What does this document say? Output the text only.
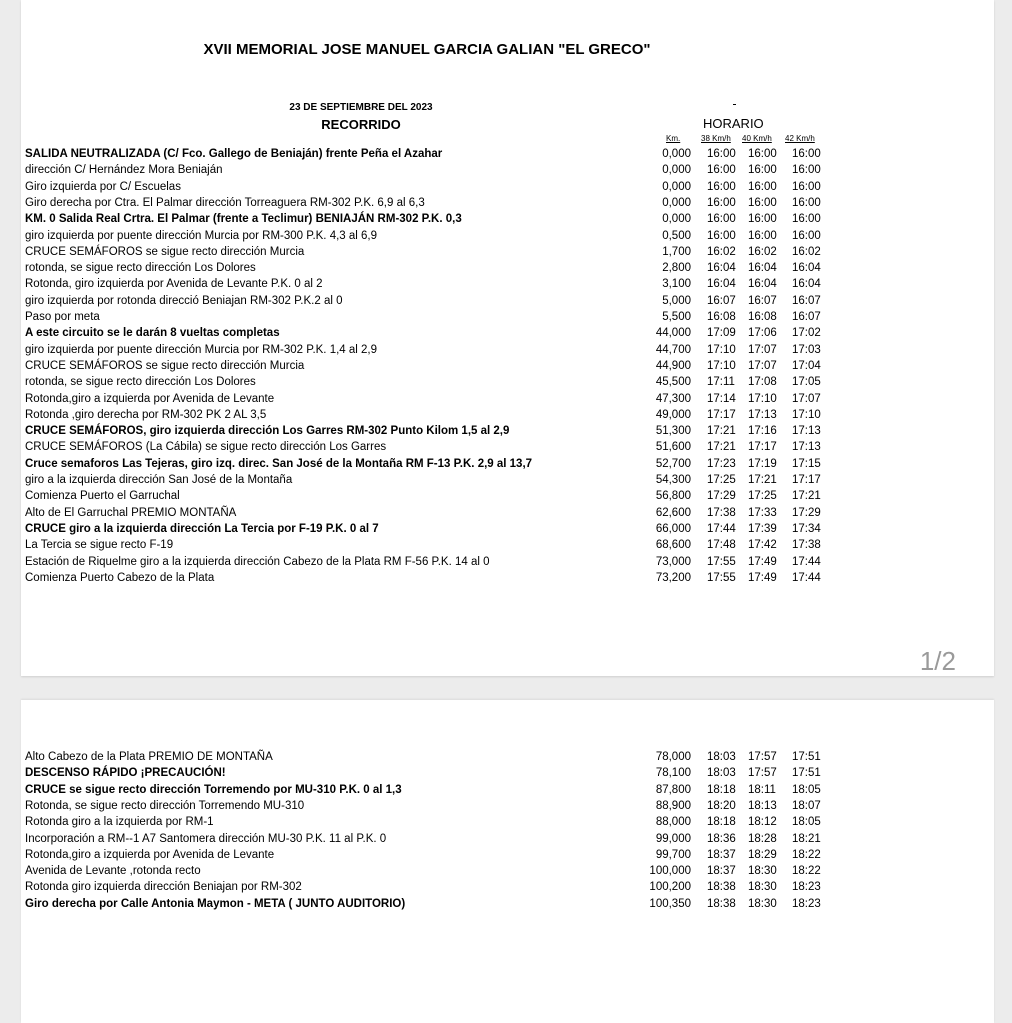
XVII MEMORIAL JOSE MANUEL GARCIA GALIAN "EL GRECO"
23 DE SEPTIEMBRE DEL 2023
RECORRIDO	HORARIO
Km.	38 Km/h 40 Km/h 42 Km/h
SALIDA NEUTRALIZADA (C/ Fco. Gallego de Beniaján) frente Peña el Azahar	0,000 16:00 16:00 16:00
dirección C/ Hernández Mora Beniaján	0,000 16:00 16:00 16:00
Giro izquierda por C/ Escuelas	0,000 16:00 16:00 16:00
Giro derecha por Ctra. El Palmar dirección Torreaguera RM-302 P.K. 6,9 al 6,3	0,000 16:00 16:00 16:00
KM. 0 Salida Real Crtra. El Palmar (frente a Teclimur) BENIAJÁN RM-302 P.K. 0,3	0,000 16:00 16:00 16:00
giro izquierda por puente dirección Murcia por RM-300 P.K. 4,3 al 6,9	0,500 16:00 16:00 16:00
CRUCE SEMÁFOROS se sigue recto dirección Murcia	1,700 16:02 16:02 16:02
rotonda, se sigue recto dirección Los Dolores	2,800 16:04 16:04 16:04
Rotonda, giro izquierda por Avenida de Levante P.K. 0 al 2	3,100 16:04 16:04 16:04
giro izquierda por rotonda direcció Beniajan RM-302 P.K.2 al 0	5,000 16:07 16:07 16:07
Paso por meta	5,500 16:08 16:08 16:07
A este circuito se le darán 8 vueltas completas	44,000 17:09 17:06 17:02
giro izquierda por puente dirección Murcia por RM-302 P.K. 1,4 al 2,9	44,700 17:10 17:07 17:03
CRUCE SEMÁFOROS se sigue recto dirección Murcia	44,900 17:10 17:07 17:04
rotonda, se sigue recto dirección Los Dolores	45,500 17:11 17:08 17:05
Rotonda,giro a izquierda por Avenida de Levante	47,300 17:14 17:10 17:07
Rotonda ,giro derecha por RM-302 PK 2 AL 3,5	49,000 17:17 17:13 17:10
CRUCE SEMÁFOROS, giro izquierda dirección Los Garres RM-302 Punto Kilom 1,5 al 2,9	51,300 17:21 17:16 17:13
CRUCE SEMÁFOROS (La Cábila) se sigue recto dirección Los Garres	51,600 17:21 17:17 17:13
Cruce semaforos Las Tejeras, giro izq. direc. San José de la Montaña RM F-13 P.K. 2,9 al 13,7	52,700 17:23 17:19 17:15
giro a la izquierda dirección San José de la Montaña	54,300 17:25 17:21 17:17
Comienza Puerto el Garruchal	56,800 17:29 17:25 17:21
Alto de El Garruchal PREMIO MONTAÑA	62,600 17:38 17:33 17:29
CRUCE giro a la izquierda dirección La Tercia por F-19 P.K. 0 al 7	66,000 17:44 17:39 17:34
La Tercia se sigue recto F-19	68,600 17:48 17:42 17:38
Estación de Riquelme giro a la izquierda dirección Cabezo de la Plata RM F-56 P.K. 14 al 0	73,000 17:55 17:49 17:44
Comienza Puerto Cabezo de la Plata	73,200 17:55 17:49 17:44
1/2
Alto Cabezo de la Plata PREMIO DE MONTAÑA	78,000 18:03 17:57 17:51
DESCENSO RÁPIDO ¡PRECAUCIÓN!	78,100 18:03 17:57 17:51
CRUCE se sigue recto dirección Torremendo por MU-310 P.K. 0 al 1,3	87,800 18:18 18:11 18:05
Rotonda, se sigue recto dirección Torremendo MU-310	88,900 18:20 18:13 18:07
Rotonda giro a la izquierda por RM-1	88,000 18:18 18:12 18:05
Incorporación a RM--1 A7 Santomera dirección MU-30 P.K. 11 al P.K. 0	99,000 18:36 18:28 18:21
Rotonda,giro a izquierda por Avenida de Levante	99,700 18:37 18:29 18:22
Avenida de Levante ,rotonda recto	100,000 18:37 18:30 18:22
Rotonda giro izquierda dirección Beniajan por RM-302	100,200 18:38 18:30 18:23
Giro derecha por Calle Antonia Maymon - META ( JUNTO AUDITORIO)	100,350 18:38 18:30 18:23
